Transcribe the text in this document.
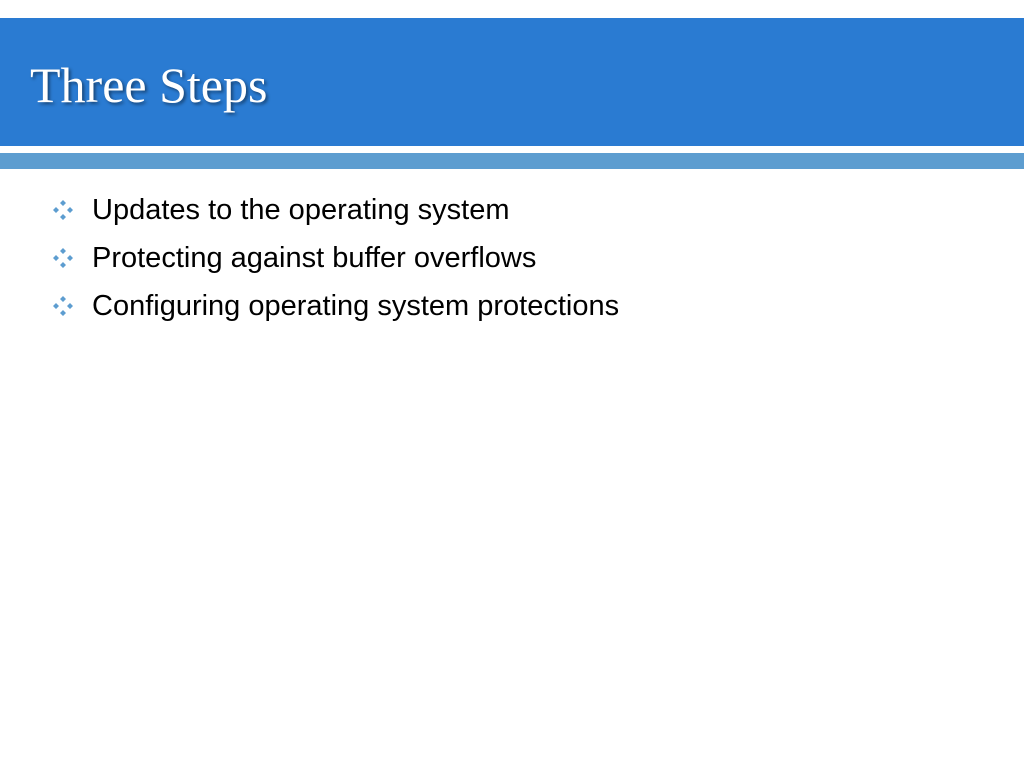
Three Steps
Updates to the operating system
Protecting against buffer overflows
Configuring operating system protections
